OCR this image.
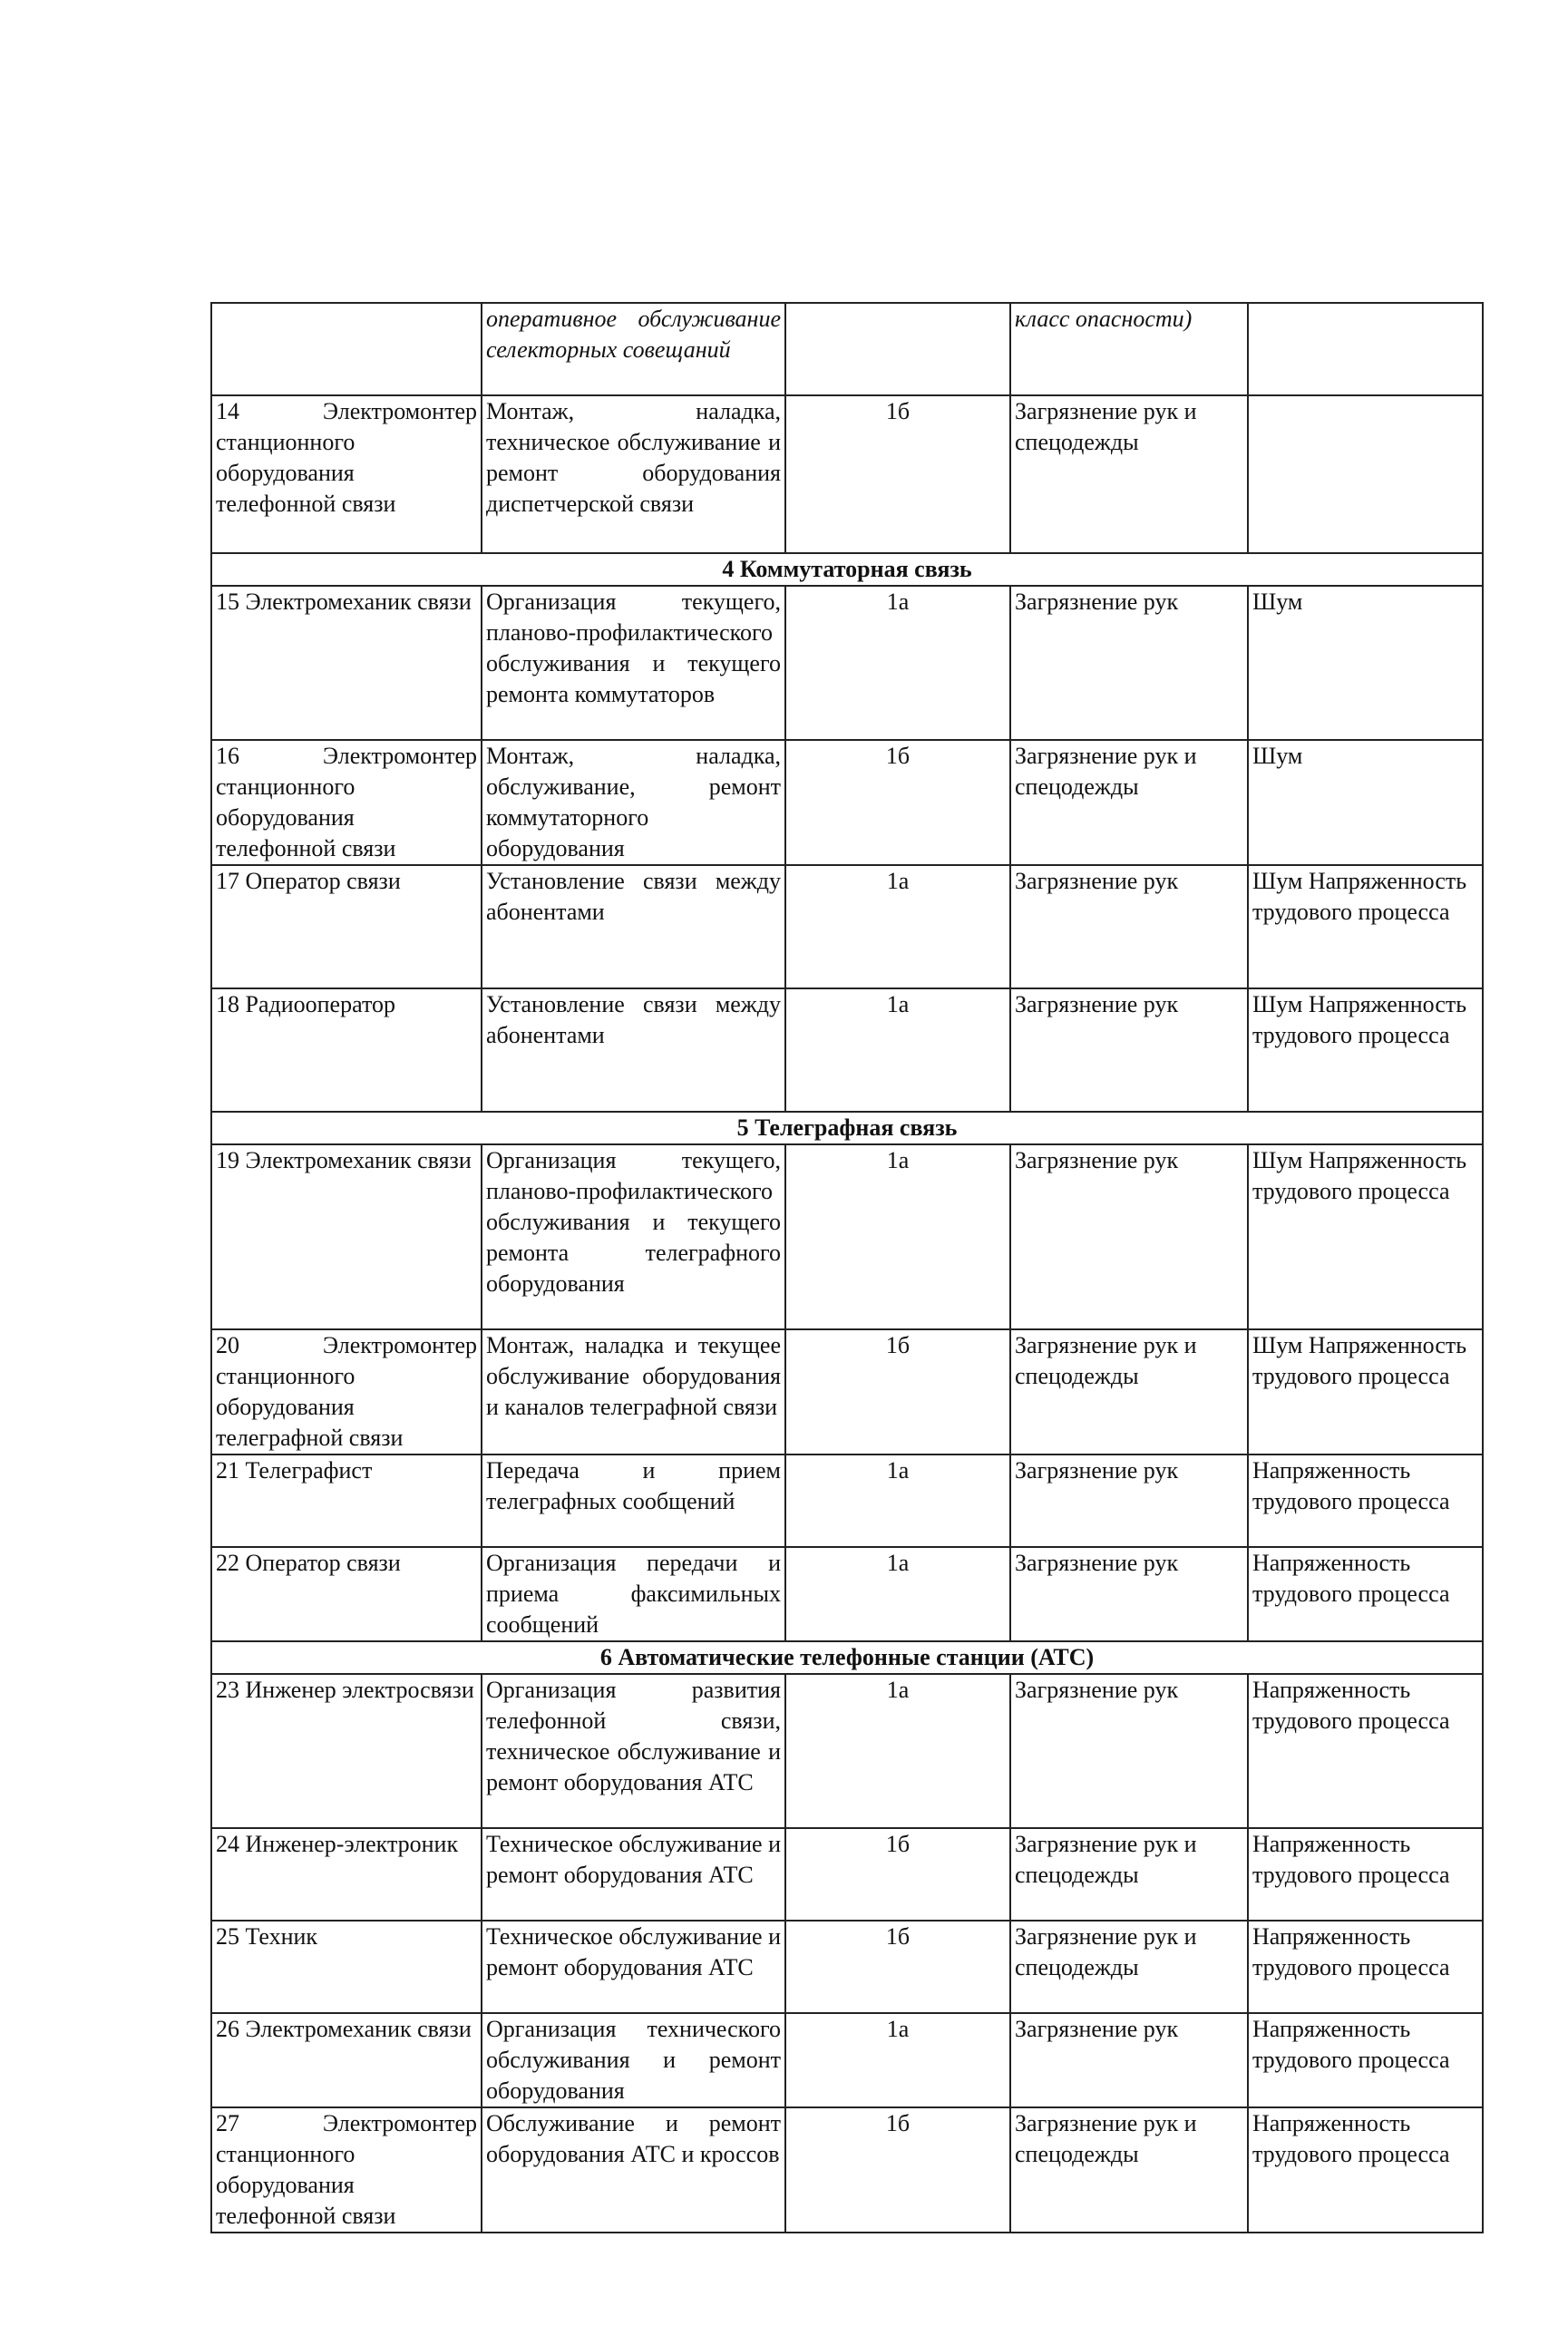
	оперативное обслуживание селекторных совещаний		класс опасности)	
14 Электромонтер станционного оборудования телефонной связи	Монтаж, наладка, техническое обслуживание и ремонт оборудования диспетчерской связи	1б	Загрязнение рук и спецодежды	
4 Коммутаторная связь				
15 Электромеханик связи	Организация текущего, планово-профилактического обслуживания и текущего ремонта коммутаторов	1а	Загрязнение рук	Шум
16 Электромонтер станционного оборудования телефонной связи	Монтаж, наладка, обслуживание, ремонт коммутаторного оборудования	1б	Загрязнение рук и спецодежды	Шум
17 Оператор связи	Установление связи между абонентами	1а	Загрязнение рук	Шум Напряженность трудового процесса
18 Радиооператор	Установление связи между абонентами	1а	Загрязнение рук	Шум Напряженность трудового процесса
5 Телеграфная связь				
19 Электромеханик связи	Организация текущего, планово-профилактического обслуживания и текущего ремонта телеграфного оборудования	1а	Загрязнение рук	Шум Напряженность трудового процесса
20 Электромонтер станционного оборудования телеграфной связи	Монтаж, наладка и текущее обслуживание оборудования и каналов телеграфной связи	1б	Загрязнение рук и спецодежды	Шум Напряженность трудового процесса
21 Телеграфист	Передача и прием телеграфных сообщений	1а	Загрязнение рук	Напряженность трудового процесса
22 Оператор связи	Организация передачи и приема факсимильных сообщений	1а	Загрязнение рук	Напряженность трудового процесса
6 Автоматические телефонные станции (АТС)				
23 Инженер электросвязи	Организация развития телефонной связи, техническое обслуживание и ремонт оборудования АТС	1а	Загрязнение рук	Напряженность трудового процесса
24 Инженер-электроник	Техническое обслуживание и ремонт оборудования АТС	1б	Загрязнение рук и спецодежды	Напряженность трудового процесса
25 Техник	Техническое обслуживание и ремонт оборудования АТС	1б	Загрязнение рук и спецодежды	Напряженность трудового процесса
26 Электромеханик связи	Организация технического обслуживания и ремонт оборудования	1а	Загрязнение рук	Напряженность трудового процесса
27 Электромонтер станционного оборудования телефонной связи	Обслуживание и ремонт оборудования АТС и кроссов	1б	Загрязнение рук и спецодежды	Напряженность трудового процесса
